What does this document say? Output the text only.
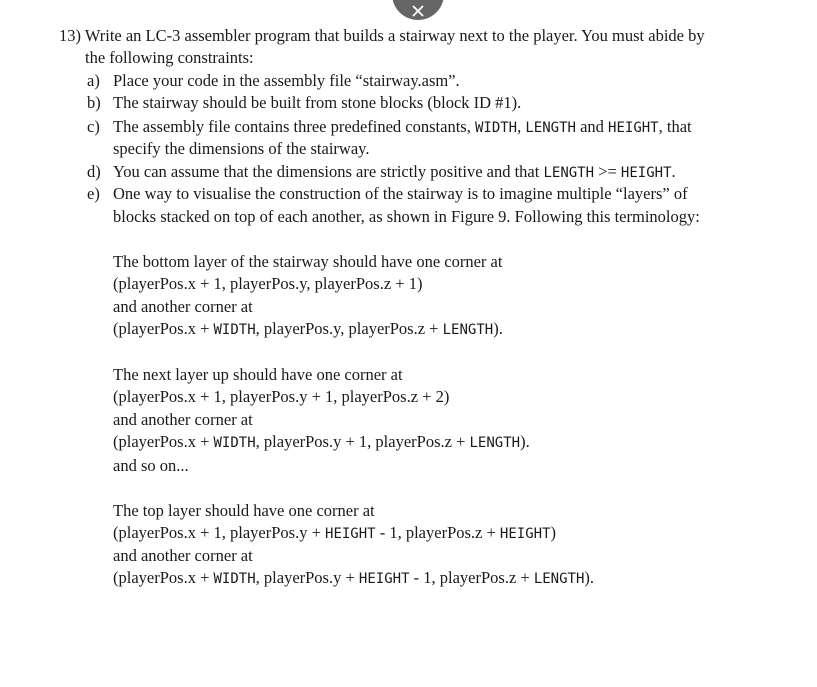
13) Write an LC-3 assembler program that builds a stairway next to the player. You must abide by
the following constraints:
a) Place your code in the assembly file “stairway.asm”.
b) The stairway should be built from stone blocks (block ID #1).
c) The assembly file contains three predefined constants, WIDTH, LENGTH and HEIGHT, that
specify the dimensions of the stairway.
d) You can assume that the dimensions are strictly positive and that LENGTH >= HEIGHT.
e) One way to visualise the construction of the stairway is to imagine multiple “layers” of
blocks stacked on top of each another, as shown in Figure 9. Following this terminology:
The bottom layer of the stairway should have one corner at
(playerPos.x + 1, playerPos.y, playerPos.z + 1)
and another corner at
(playerPos.x + WIDTH, playerPos.y, playerPos.z + LENGTH).
The next layer up should have one corner at
(playerPos.x + 1, playerPos.y + 1, playerPos.z + 2)
and another corner at
(playerPos.x + WIDTH, playerPos.y + 1, playerPos.z + LENGTH).
and so on...
The top layer should have one corner at
(playerPos.x + 1, playerPos.y + HEIGHT - 1, playerPos.z + HEIGHT)
and another corner at
(playerPos.x + WIDTH, playerPos.y + HEIGHT - 1, playerPos.z + LENGTH).
